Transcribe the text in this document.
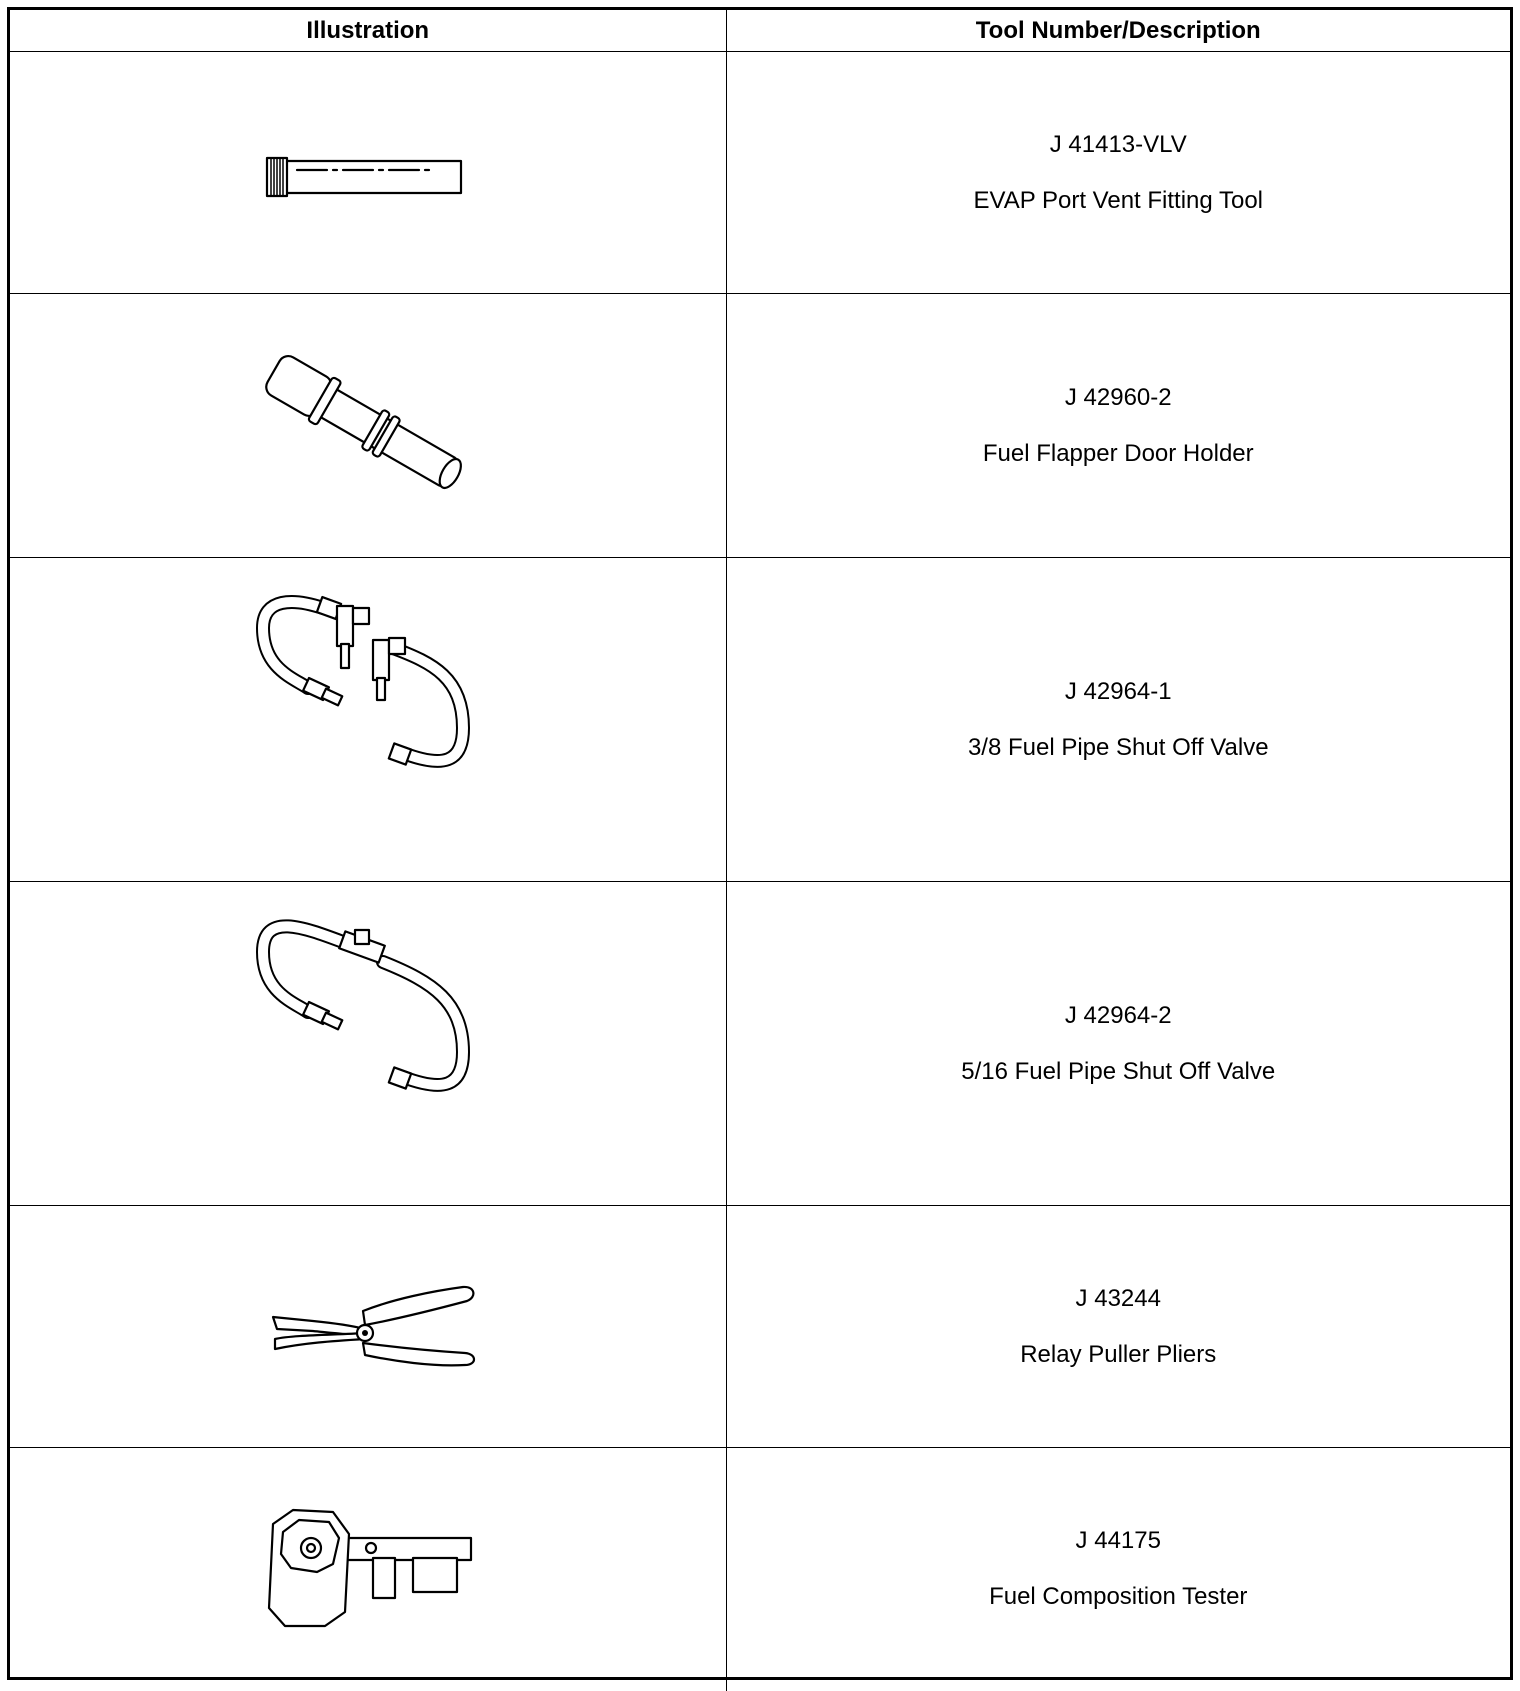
Illustration	Tool Number/Description

J 41413-VLV
EVAP Port Vent Fitting Tool

J 42960-2
Fuel Flapper Door Holder

J 42964-1
3/8 Fuel Pipe Shut Off Valve

J 42964-2
5/16 Fuel Pipe Shut Off Valve

J 43244
Relay Puller Pliers

J 44175
Fuel Composition Tester
